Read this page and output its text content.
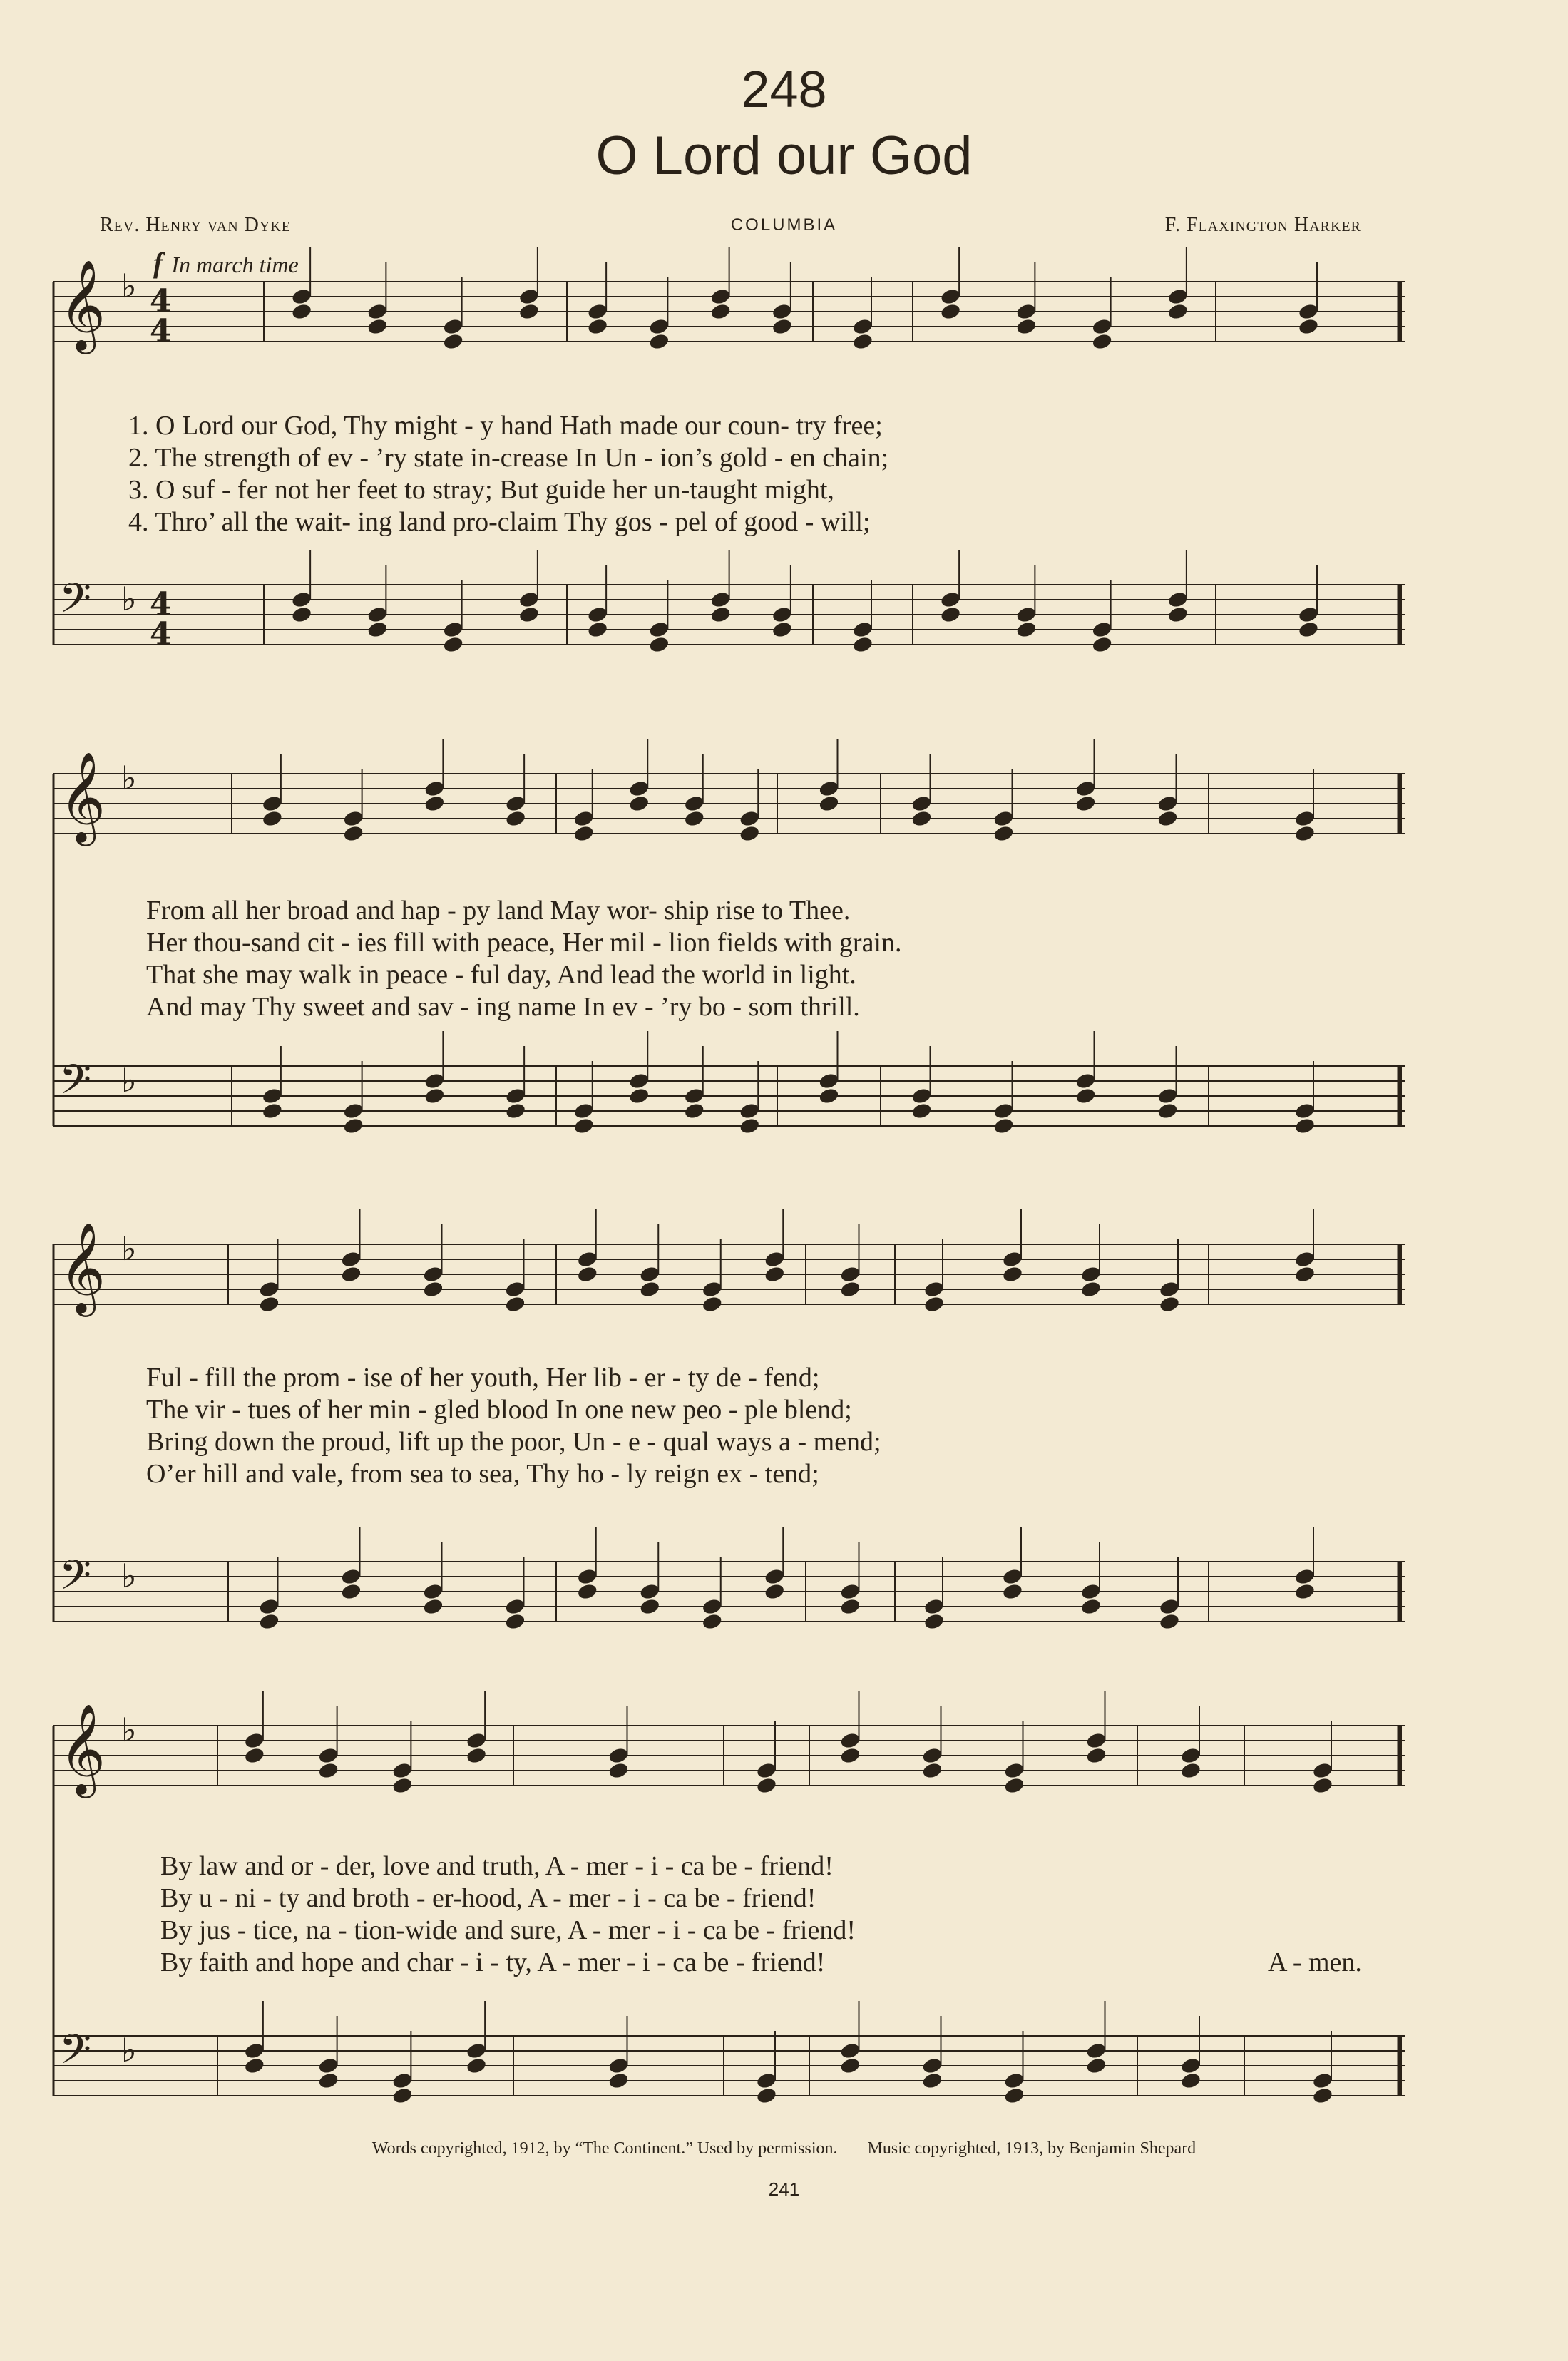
248
O Lord our God
Rev. Henry van Dyke	COLUMBIA	F. Flaxington Harker
f In march time
𝄞 ♭ 4
4
𝄢 ♭ 4
4
𝄞 ♭
𝄢 ♭
𝄞 ♭
𝄢 ♭
𝄞 ♭
𝄢 ♭
1. O Lord our God, Thy might - y hand Hath made our coun- try free;
2. The strength of ev - ’ry state in-crease In Un - ion’s gold - en chain;
3. O suf - fer not her feet to stray; But guide her un-taught might,
4. Thro’ all the wait- ing land pro-claim Thy gos - pel of good - will;
From all her broad and hap - py land May wor- ship rise to Thee.
Her thou-sand cit - ies fill with peace, Her mil - lion fields with grain.
That she may walk in peace - ful day, And lead the world in light.
And may Thy sweet and sav - ing name In ev - ’ry bo - som thrill.
Ful - fill the prom - ise of her youth, Her lib - er - ty de - fend;
The vir - tues of her min - gled blood In one new peo - ple blend;
Bring down the proud, lift up the poor, Un - e - qual ways a - mend;
O’er hill and vale, from sea to sea, Thy ho - ly reign ex - tend;
By law and or - der, love and truth, A - mer - i - ca be - friend!
By u - ni - ty and broth - er-hood, A - mer - i - ca be - friend!
By jus - tice, na - tion-wide and sure, A - mer - i - ca be - friend!
By faith and hope and char - i - ty, A - mer - i - ca be - friend!	A - men.
Words copyrighted, 1912, by “The Continent.” Used by permission. Music copyrighted, 1913, by Benjamin Shepard
241
